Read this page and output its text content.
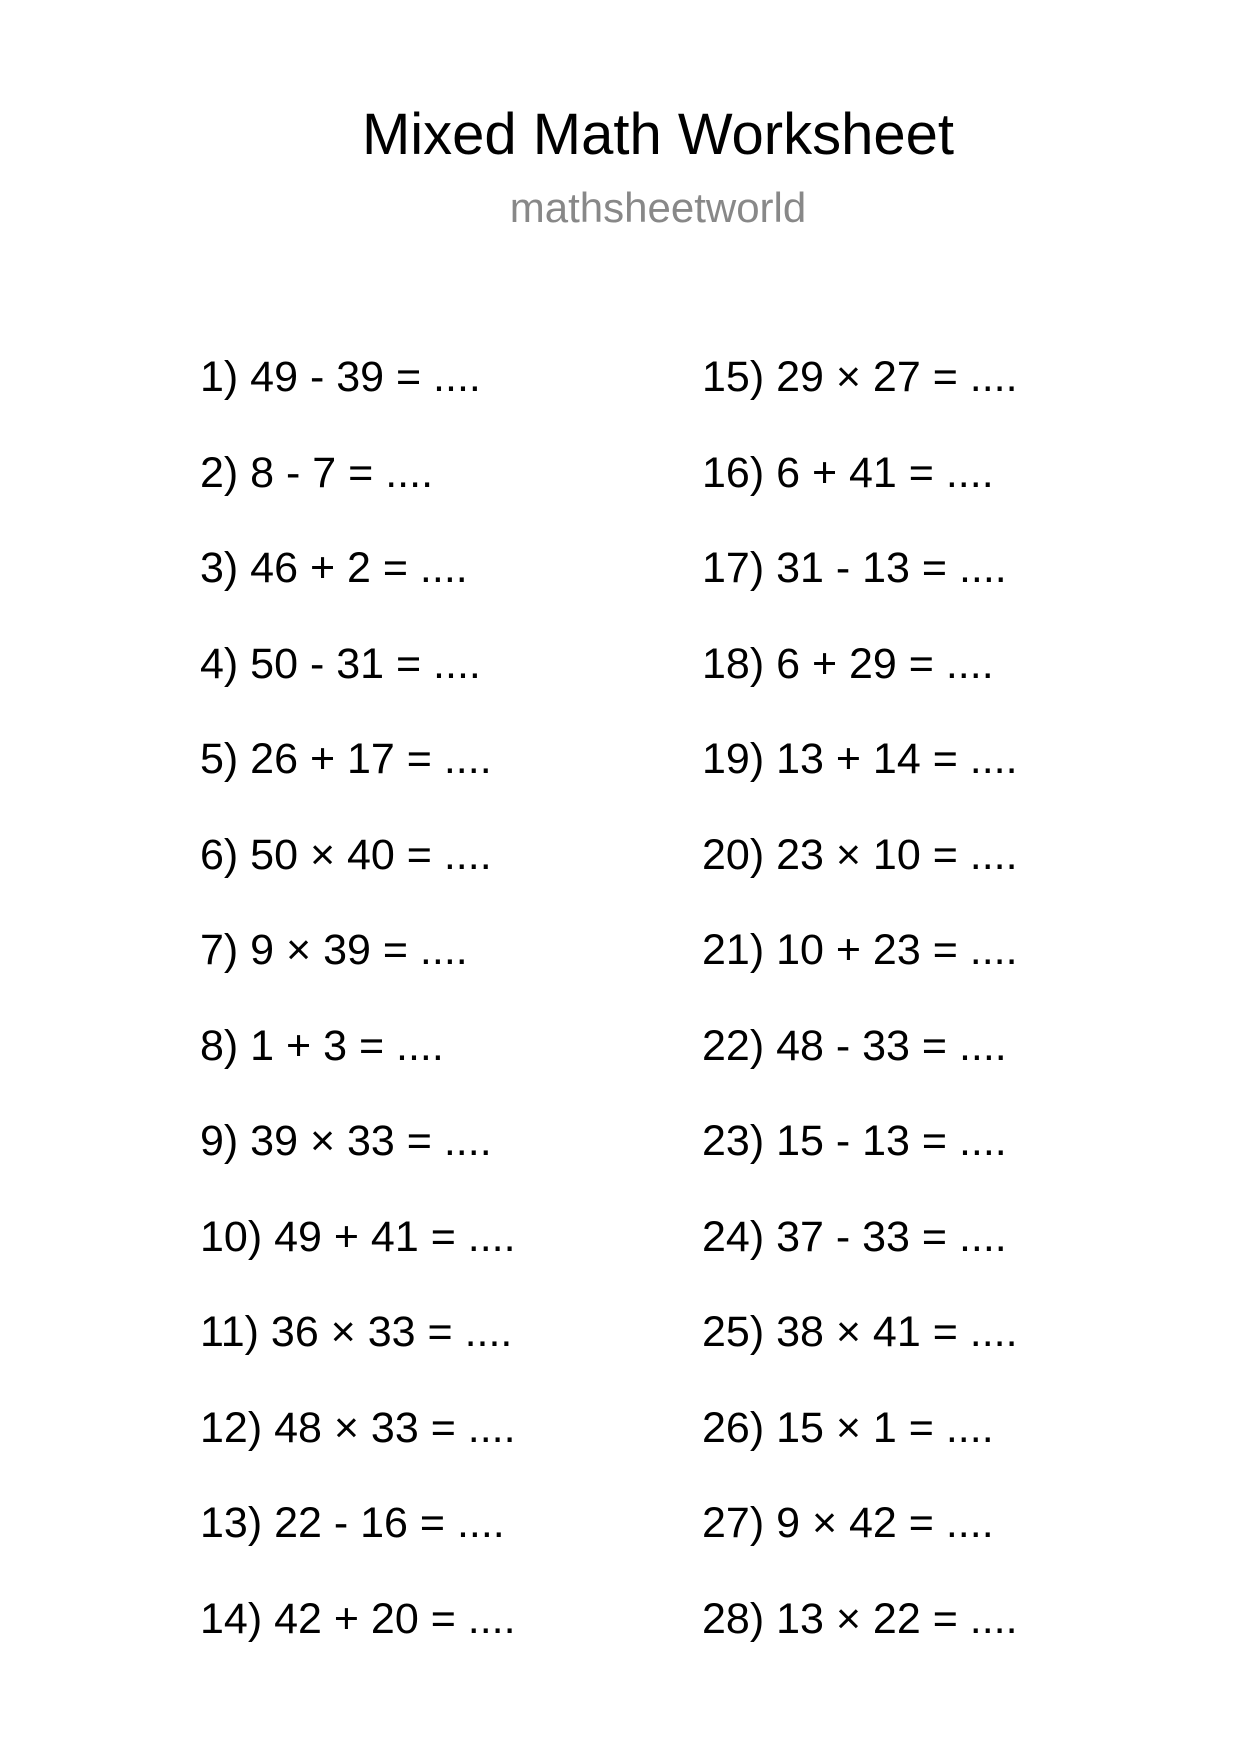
Mixed Math Worksheet
mathsheetworld
1) 49 - 39 = ....
2) 8 - 7 = ....
3) 46 + 2 = ....
4) 50 - 31 = ....
5) 26 + 17 = ....
6) 50 × 40 = ....
7) 9 × 39 = ....
8) 1 + 3 = ....
9) 39 × 33 = ....
10) 49 + 41 = ....
11) 36 × 33 = ....
12) 48 × 33 = ....
13) 22 - 16 = ....
14) 42 + 20 = ....
15) 29 × 27 = ....
16) 6 + 41 = ....
17) 31 - 13 = ....
18) 6 + 29 = ....
19) 13 + 14 = ....
20) 23 × 10 = ....
21) 10 + 23 = ....
22) 48 - 33 = ....
23) 15 - 13 = ....
24) 37 - 33 = ....
25) 38 × 41 = ....
26) 15 × 1 = ....
27) 9 × 42 = ....
28) 13 × 22 = ....
